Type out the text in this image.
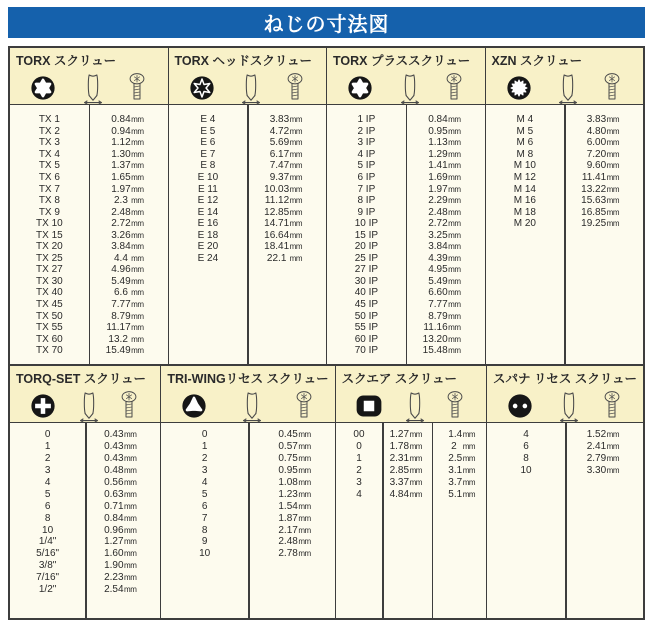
ねじの寸法図
TORX スクリュー
TX 1	0.84mm
TX 2	0.94mm
TX 3	1.12mm
TX 4	1.30mm
TX 5	1.37mm
TX 6	1.65mm
TX 7	1.97mm
TX 8	2.3 mm
TX 9	2.48mm
TX 10	2.72mm
TX 15	3.26mm
TX 20	3.84mm
TX 25	4.4 mm
TX 27	4.96mm
TX 30	5.49mm
TX 40	6.6 mm
TX 45	7.77mm
TX 50	8.79mm
TX 55	11.17mm
TX 60	13.2 mm
TX 70	15.49mm
TORX ヘッドスクリュー
E 4	3.83mm
E 5	4.72mm
E 6	5.69mm
E 7	6.17mm
E 8	7.47mm
E 10	9.37mm
E 11	10.03mm
E 12	11.12mm
E 14	12.85mm
E 16	14.71mm
E 18	16.64mm
E 20	18.41mm
E 24	22.1 mm
TORX プラススクリュー
1 IP	0.84mm
2 IP	0.95mm
3 IP	1.13mm
4 IP	1.29mm
5 IP	1.41mm
6 IP	1.69mm
7 IP	1.97mm
8 IP	2.29mm
9 IP	2.48mm
10 IP	2.72mm
15 IP	3.25mm
20 IP	3.84mm
25 IP	4.39mm
27 IP	4.95mm
30 IP	5.49mm
40 IP	6.60mm
45 IP	7.77mm
50 IP	8.79mm
55 IP	11.16mm
60 IP	13.20mm
70 IP	15.48mm
XZN スクリュー
M 4	3.83mm
M 5	4.80mm
M 6	6.00mm
M 8	7.20mm
M 10	9.60mm
M 12	11.41mm
M 14	13.22mm
M 16	15.63mm
M 18	16.85mm
M 20	19.25mm
TORQ-SET スクリュー
0	0.43mm
1	0.43mm
2	0.43mm
3	0.48mm
4	0.56mm
5	0.63mm
6	0.71mm
8	0.84mm
10	0.96mm
1/4"	1.27mm
5/16"	1.60mm
3/8"	1.90mm
7/16"	2.23mm
1/2"	2.54mm
TRI-WINGリセス スクリュー
0	0.45mm
1	0.57mm
2	0.75mm
3	0.95mm
4	1.08mm
5	1.23mm
6	1.54mm
7	1.87mm
8	2.17mm
9	2.48mm
10	2.78mm
スクエア スクリュー
00	1.27mm	1.4mm
0	1.78mm	2  mm
1	2.31mm	2.5mm
2	2.85mm	3.1mm
3	3.37mm	3.7mm
4	4.84mm	5.1mm
スパナ リセス スクリュー
4	1.52mm
6	2.41mm
8	2.79mm
10	3.30mm
